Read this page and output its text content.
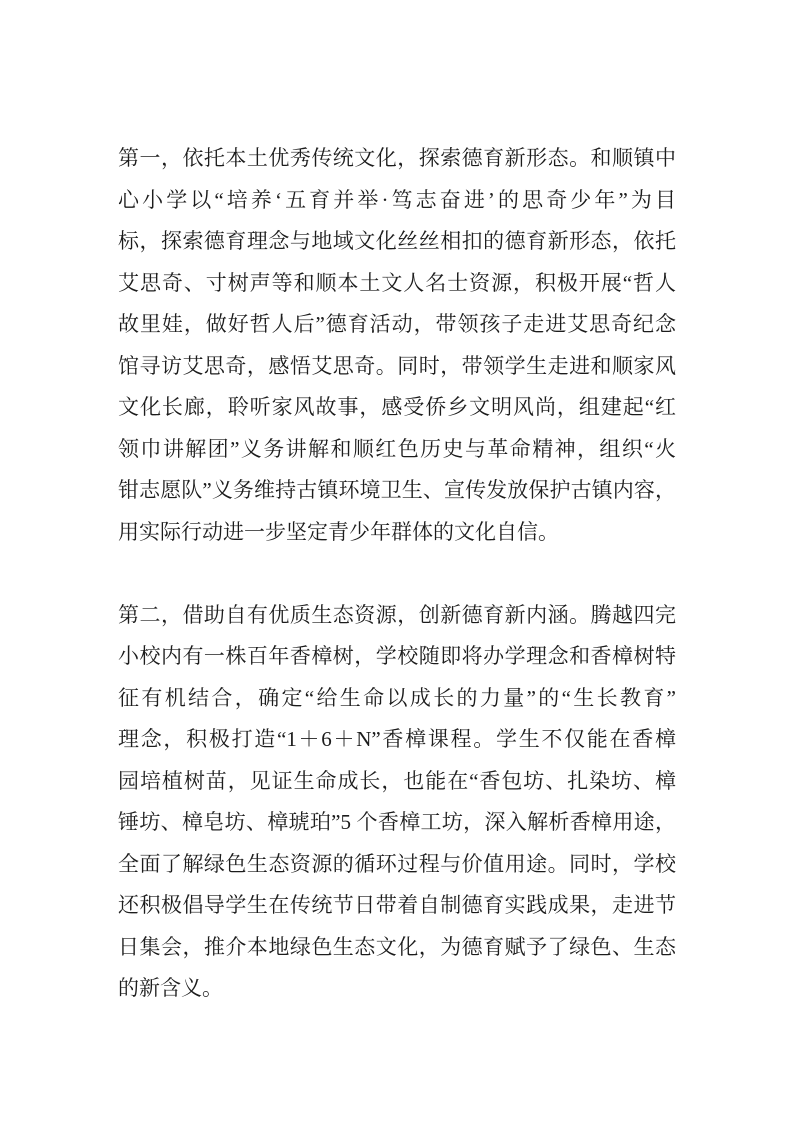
第一，依托本土优秀传统文化，探索德育新形态。和顺镇中
心小学以“培养‘五育并举·笃志奋进’的思奇少年”为目
标，探索德育理念与地域文化丝丝相扣的德育新形态，依托
艾思奇、寸树声等和顺本土文人名士资源，积极开展“哲人
故里娃，做好哲人后”德育活动，带领孩子走进艾思奇纪念
馆寻访艾思奇，感悟艾思奇。同时，带领学生走进和顺家风
文化长廊，聆听家风故事，感受侨乡文明风尚，组建起“红
领巾讲解团”义务讲解和顺红色历史与革命精神，组织“火
钳志愿队”义务维持古镇环境卫生、宣传发放保护古镇内容，
用实际行动进一步坚定青少年群体的文化自信。
第二，借助自有优质生态资源，创新德育新内涵。腾越四完
小校内有一株百年香樟树，学校随即将办学理念和香樟树特
征有机结合，确定“给生命以成长的力量”的“生长教育”
理念，积极打造“1＋6＋N”香樟课程。学生不仅能在香樟
园培植树苗，见证生命成长，也能在“香包坊、扎染坊、樟
锤坊、樟皂坊、樟琥珀”5 个香樟工坊，深入解析香樟用途，
全面了解绿色生态资源的循环过程与价值用途。同时，学校
还积极倡导学生在传统节日带着自制德育实践成果，走进节
日集会，推介本地绿色生态文化，为德育赋予了绿色、生态
的新含义。
